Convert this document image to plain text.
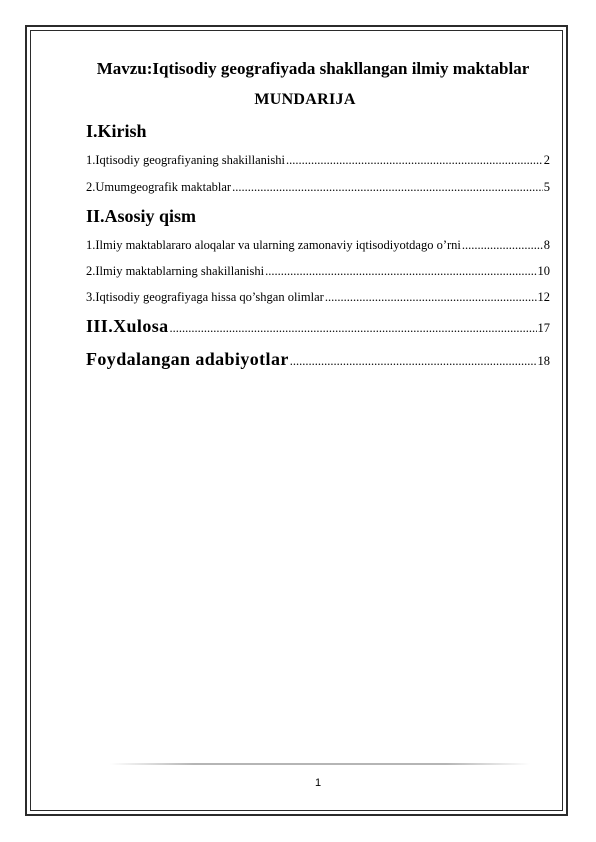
Mavzu:Iqtisodiy geografiyada shakllangan ilmiy maktablar
MUNDARIJA
I.Kirish
1.Iqtisodiy geografiyaning shakillanishi .....	2
2.Umumgeografik maktablar .....	5
II.Asosiy qism
1.Ilmiy maktablararo aloqalar va ularning zamonaviy iqtisodiyotdago o’rni .....	8
2.Ilmiy maktablarning shakillanishi .....	10
3.Iqtisodiy geografiyaga hissa qo’shgan olimlar .....	12
III.Xulosa .....	17
Foydalangan adabiyotlar .....	18
1
